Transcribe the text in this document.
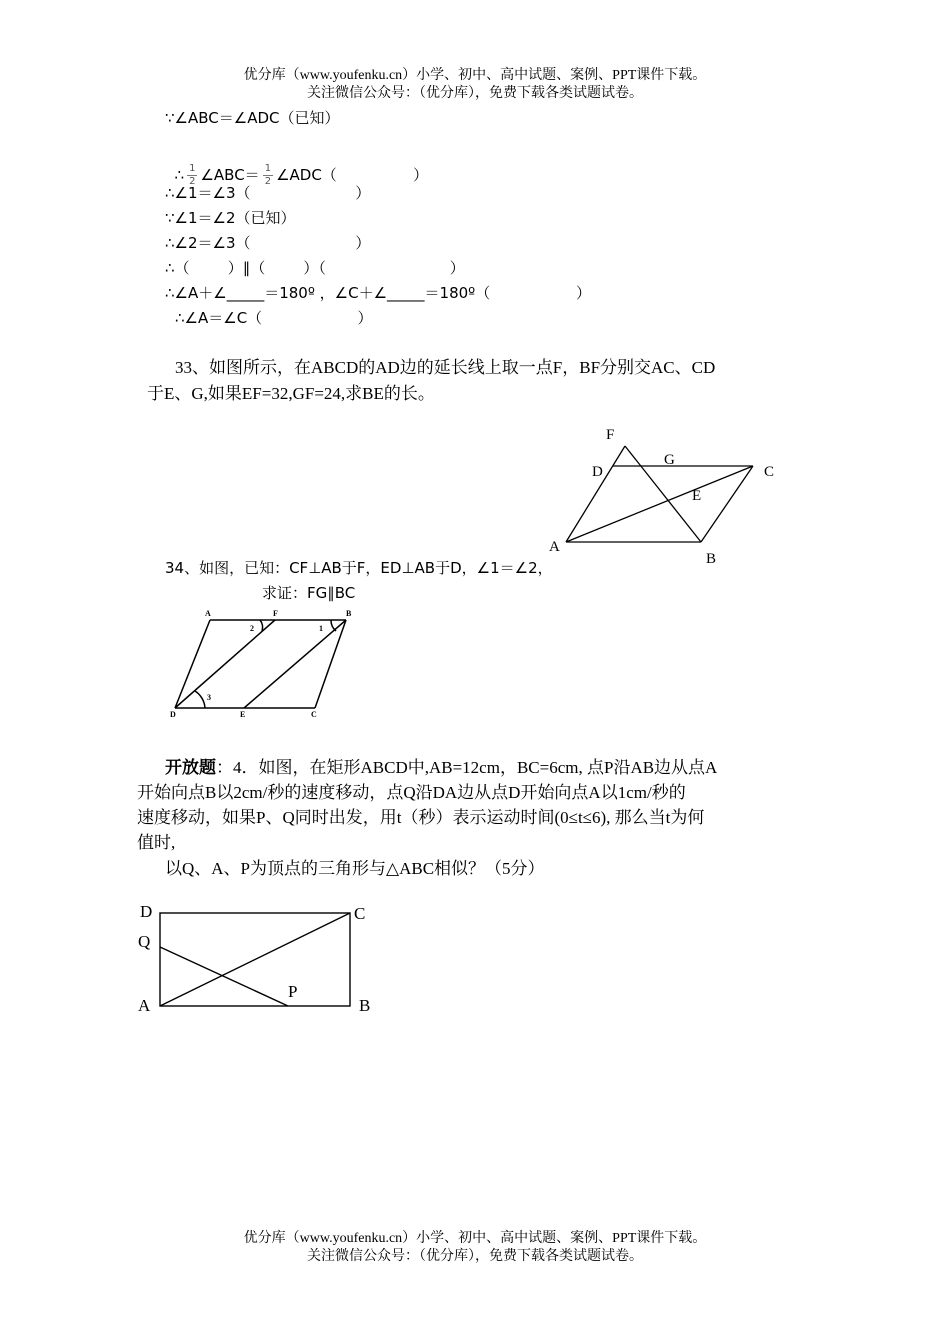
优分库（www.youfenku.cn）小学、初中、高中试题、案例、PPT课件下载。
关注微信公众号：（优分库），免费下载各类试题试卷。
∵∠ABC＝∠ADC（已知）

∴ $\frac{1}{2}$ ∠ABC＝ $\frac{1}{2}$ ∠ADC（                ）

∴∠1＝∠3（                      ）
∵∠1＝∠2（已知）
∴∠2＝∠3（                      ）
∴（        ）∥（        ）（                          ）
∴∠A＋∠_____＝180º ，∠C＋∠_____＝180º（                  ）
∴∠A＝∠C（                    ）
33、如图所示，在ABCD的AD边的延长线上取一点F，BF分别交AC、CD
于E、G,如果EF=32,GF=24,求BE的长。
F
G
D	C
E
A
B
34、如图，已知：CF⊥AB于F，ED⊥AB于D，∠1＝∠2，
求证：FG∥BC
A	F	B
2	1
3
D	E	C
开放题：4．如图，在矩形ABCD中,AB=12cm，BC=6cm, 点P沿AB边从点A
开始向点B以2cm/秒的速度移动，点Q沿DA边从点D开始向点A以1cm/秒的
速度移动，如果P、Q同时出发，用t（秒）表示运动时间(0≤t≤6), 那么当t为何
值时,
以Q、A、P为顶点的三角形与△ABC相似？（5分）
D	C
Q
P
A	B
优分库（www.youfenku.cn）小学、初中、高中试题、案例、PPT课件下载。
关注微信公众号：（优分库），免费下载各类试题试卷。
